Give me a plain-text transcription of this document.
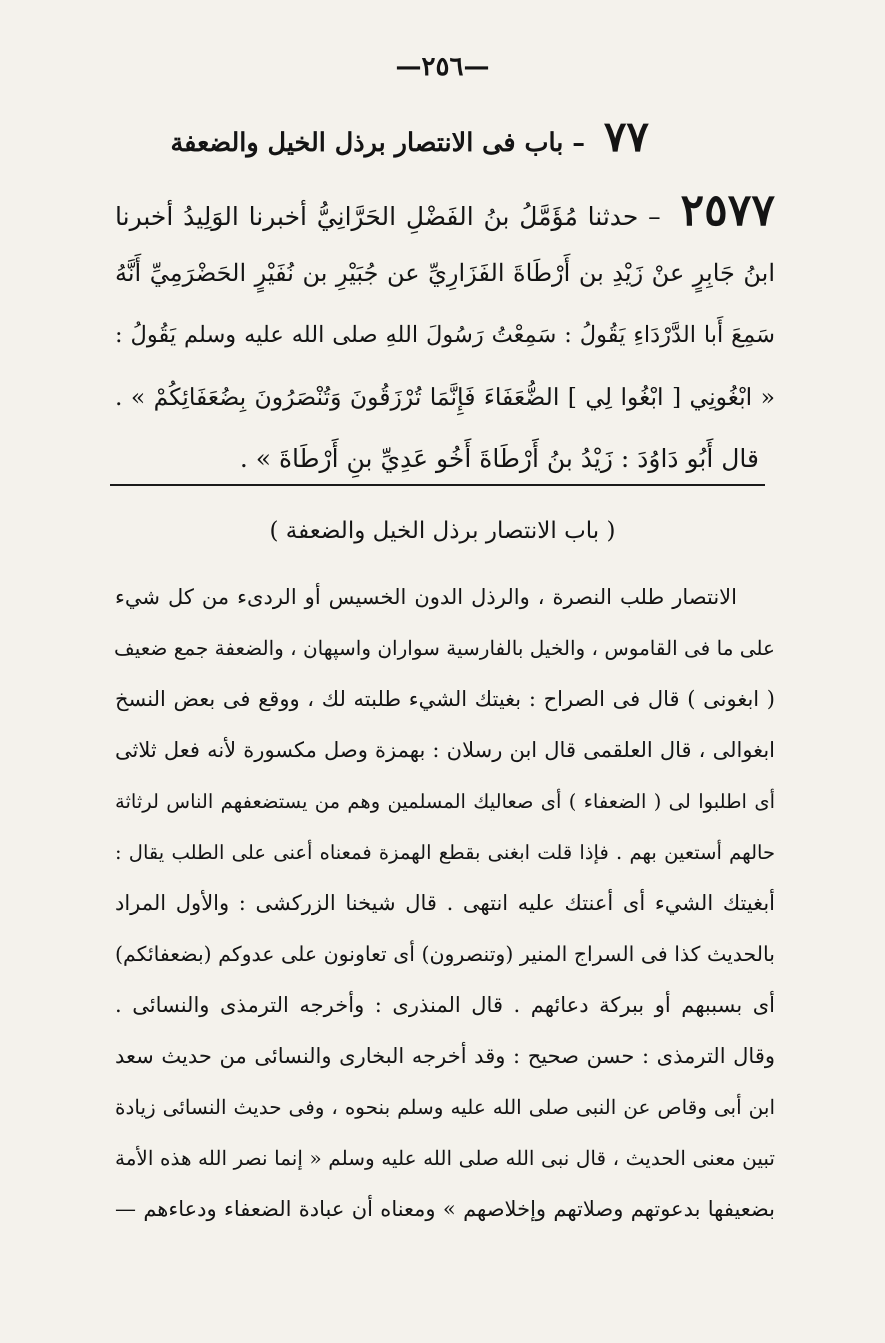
—٢٥٦—
٧٧ – باب فى الانتصار برذل الخيل والضعفة
٢٥٧٧ – حدثنا مُؤَمَّلُ بنُ الفَضْلِ الحَرَّانِيُّ أخبرنا الوَلِيدُ أخبرنا
ابنُ جَابِرٍ عنْ زَيْدِ بن أَرْطَاةَ الفَزَارِيِّ عن جُبَيْرِ بن نُفَيْرٍ الحَضْرَمِيِّ أَنَّهُ
سَمِعَ أَبا الدَّرْدَاءِ يَقُولُ : سَمِعْتُ رَسُولَ اللهِ صلى الله عليه وسلم يَقُولُ :
« ابْغُونِي [ ابْغُوا لِي ] الضُّعَفَاءَ فَإِنَّمَا تُرْزَقُونَ وَتُنْصَرُونَ بِضُعَفَائِكُمْ » .
قال أَبُو دَاوُدَ : زَيْدُ بنُ أَرْطَاةَ أَخُو عَدِيِّ بنِ أَرْطَاةَ » .
( باب الانتصار برذل الخيل والضعفة )
الانتصار طلب النصرة ، والرذل الدون الخسيس أو الردىء من كل شيء
على ما فى القاموس ، والخيل بالفارسية سواران واسپهان ، والضعفة جمع ضعيف
( ابغونى ) قال فى الصراح : بغيتك الشيء طلبته لك ، ووقع فى بعض النسخ
ابغوالى ، قال العلقمى قال ابن رسلان : بهمزة وصل مكسورة لأنه فعل ثلاثى
أى اطلبوا لى ( الضعفاء ) أى صعاليك المسلمين وهم من يستضعفهم الناس لرثاثة
حالهم أستعين بهم . فإذا قلت ابغنى بقطع الهمزة فمعناه أعنى على الطلب يقال :
أبغيتك الشيء أى أعنتك عليه انتهى . قال شيخنا الزركشى : والأول المراد
بالحديث كذا فى السراج المنير (وتنصرون) أى تعاونون على عدوكم (بضعفائكم)
أى بسببهم أو ببركة دعائهم . قال المنذرى : وأخرجه الترمذى والنسائى .
وقال الترمذى : حسن صحيح : وقد أخرجه البخارى والنسائى من حديث سعد
ابن أبى وقاص عن النبى صلى الله عليه وسلم بنحوه ، وفى حديث النسائى زيادة
تبين معنى الحديث ، قال نبى الله صلى الله عليه وسلم « إنما نصر الله هذه الأمة
بضعيفها بدعوتهم وصلاتهم وإخلاصهم » ومعناه أن عبادة الضعفاء ودعاءهم —
